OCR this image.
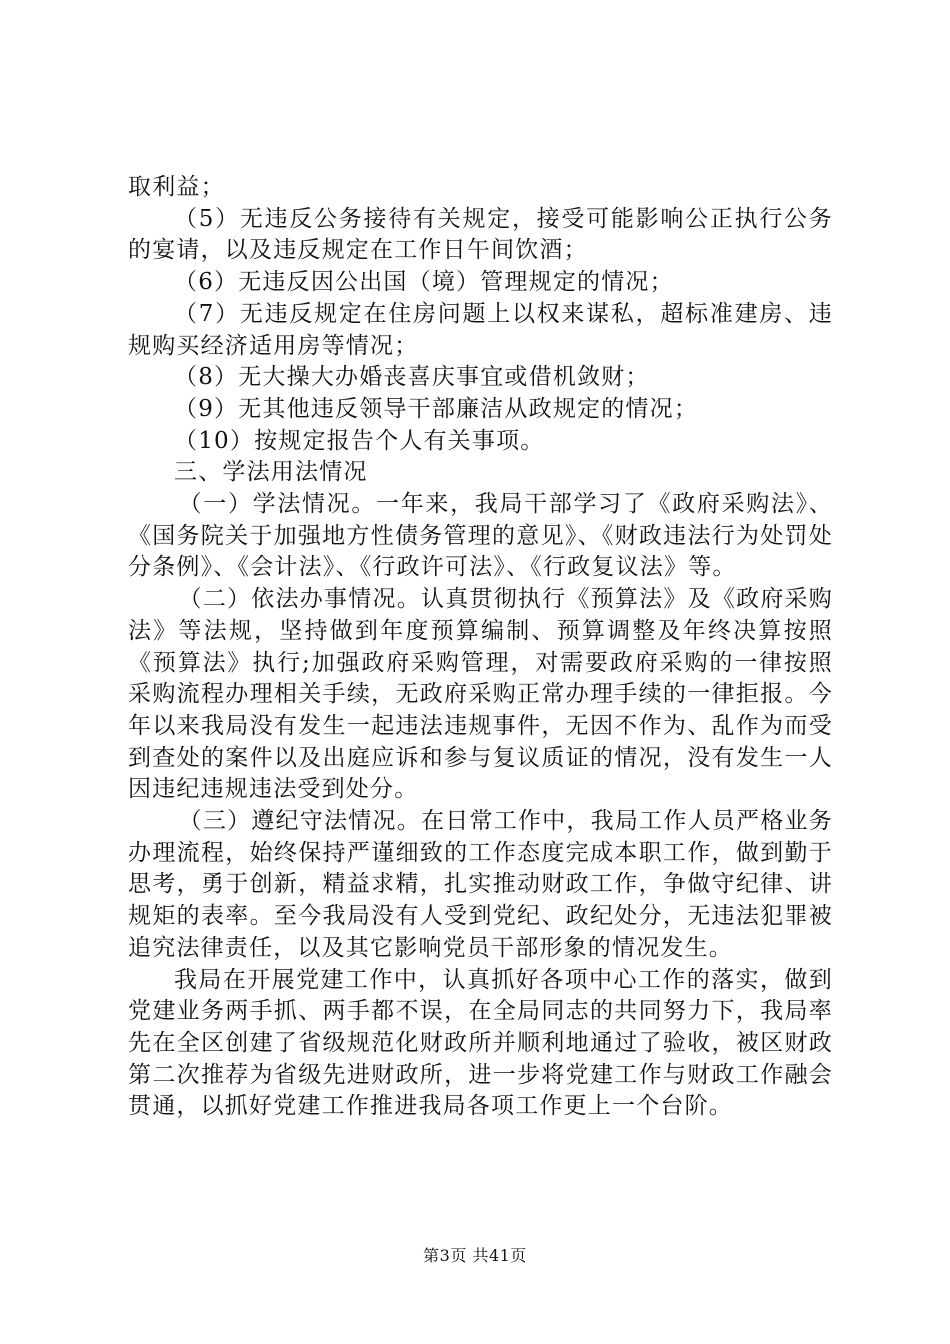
取利益；

（5）无违反公务接待有关规定，接受可能影响公正执行公务的宴请，以及违反规定在工作日午间饮酒；

（6）无违反因公出国（境）管理规定的情况；

（7）无违反规定在住房问题上以权来谋私，超标准建房、违规购买经济适用房等情况；

（8）无大操大办婚丧喜庆事宜或借机敛财；

（9）无其他违反领导干部廉洁从政规定的情况；

（10）按规定报告个人有关事项。

三、学法用法情况

（一）学法情况。一年来，我局干部学习了《政府采购法》、《国务院关于加强地方性债务管理的意见》、《财政违法行为处罚处分条例》、《会计法》、《行政许可法》、《行政复议法》等。

（二）依法办事情况。认真贯彻执行《预算法》及《政府采购法》等法规，坚持做到年度预算编制、预算调整及年终决算按照《预算法》执行;加强政府采购管理，对需要政府采购的一律按照采购流程办理相关手续，无政府采购正常办理手续的一律拒报。今年以来我局没有发生一起违法违规事件，无因不作为、乱作为而受到查处的案件以及出庭应诉和参与复议质证的情况，没有发生一人因违纪违规违法受到处分。

（三）遵纪守法情况。在日常工作中，我局工作人员严格业务办理流程，始终保持严谨细致的工作态度完成本职工作，做到勤于思考，勇于创新，精益求精，扎实推动财政工作，争做守纪律、讲规矩的表率。至今我局没有人受到党纪、政纪处分，无违法犯罪被追究法律责任，以及其它影响党员干部形象的情况发生。

我局在开展党建工作中，认真抓好各项中心工作的落实，做到党建业务两手抓、两手都不误，在全局同志的共同努力下，我局率先在全区创建了省级规范化财政所并顺利地通过了验收，被区财政第二次推荐为省级先进财政所，进一步将党建工作与财政工作融会贯通，以抓好党建工作推进我局各项工作更上一个台阶。

第3页 共41页
